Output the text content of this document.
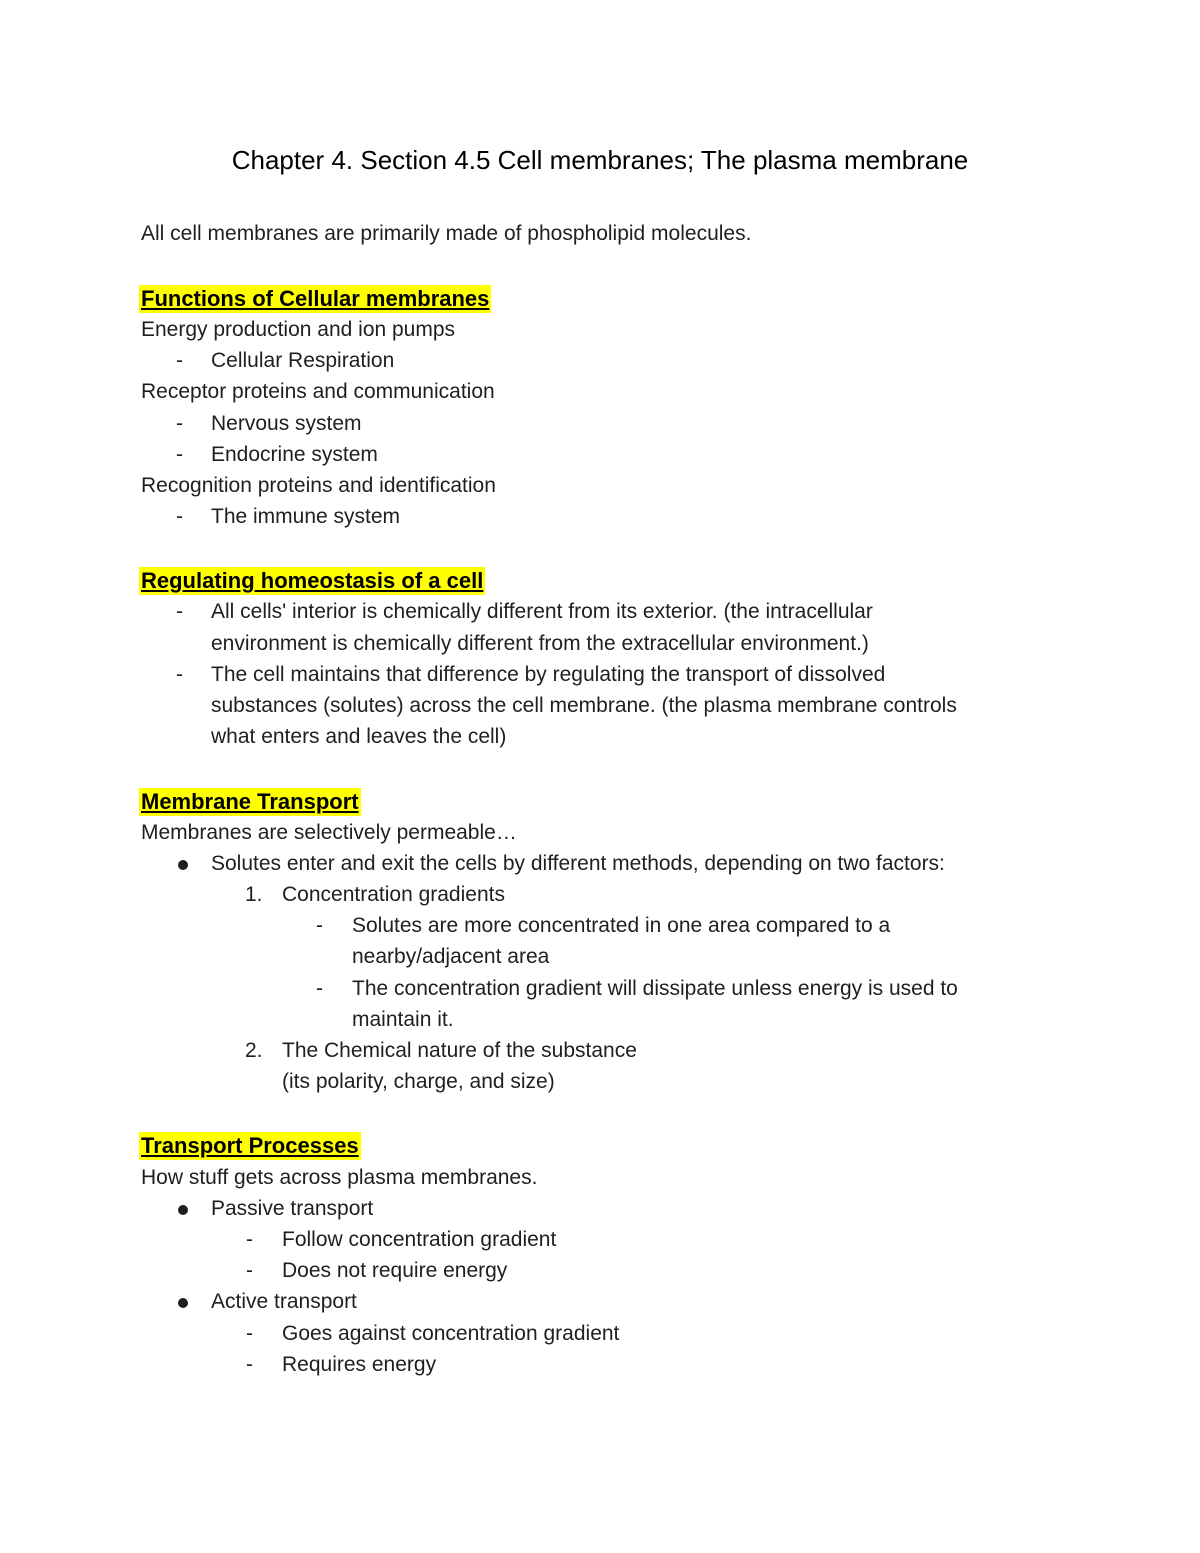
Chapter 4. Section 4.5 Cell membranes; The plasma membrane
All cell membranes are primarily made of phospholipid molecules.
Functions of Cellular membranes
Energy production and ion pumps
- Cellular Respiration
Receptor proteins and communication
- Nervous system
- Endocrine system
Recognition proteins and identification
- The immune system
Regulating homeostasis of a cell
- All cells' interior is chemically different from its exterior. (the intracellular
environment is chemically different from the extracellular environment.)
- The cell maintains that difference by regulating the transport of dissolved
substances (solutes) across the cell membrane. (the plasma membrane controls
what enters and leaves the cell)
Membrane Transport
Membranes are selectively permeable…
Solutes enter and exit the cells by different methods, depending on two factors:
1. Concentration gradients
- Solutes are more concentrated in one area compared to a
nearby/adjacent area
- The concentration gradient will dissipate unless energy is used to
maintain it.
2. The Chemical nature of the substance
(its polarity, charge, and size)
Transport Processes
How stuff gets across plasma membranes.
Passive transport
- Follow concentration gradient
- Does not require energy
Active transport
- Goes against concentration gradient
- Requires energy
